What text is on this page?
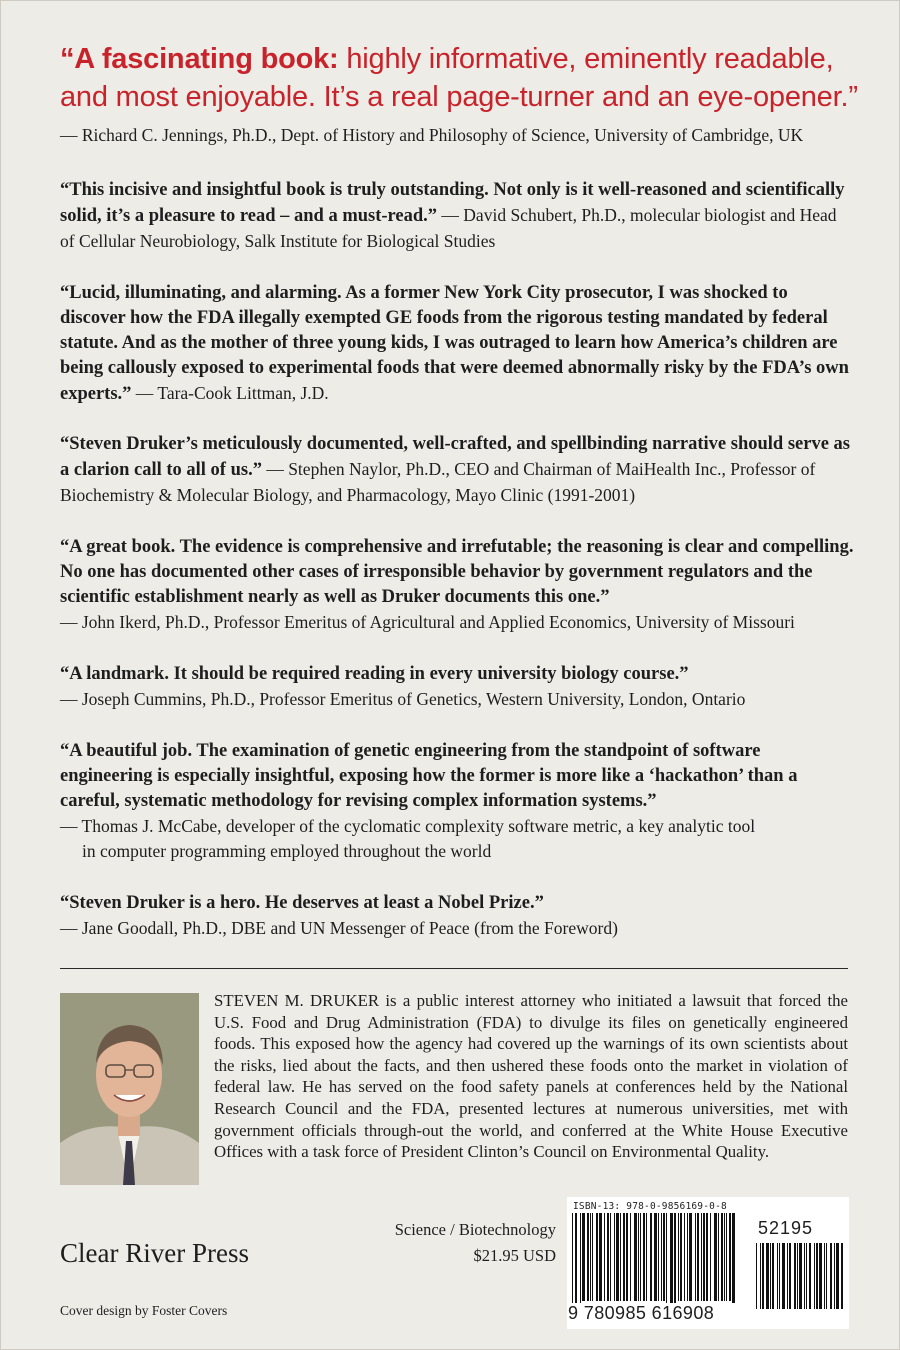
“A fascinating book: highly informative, eminently readable, and most enjoyable. It’s a real page-turner and an eye-opener.”
— Richard C. Jennings, Ph.D., Dept. of History and Philosophy of Science, University of Cambridge, UK
“This incisive and insightful book is truly outstanding. Not only is it well-reasoned and scientifically solid, it’s a pleasure to read – and a must-read.” — David Schubert, Ph.D., molecular biologist and Head of Cellular Neurobiology, Salk Institute for Biological Studies
“Lucid, illuminating, and alarming. As a former New York City prosecutor, I was shocked to discover how the FDA illegally exempted GE foods from the rigorous testing mandated by federal statute. And as the mother of three young kids, I was outraged to learn how America’s children are being callously exposed to experimental foods that were deemed abnormally risky by the FDA’s own experts.” — Tara-Cook Littman, J.D.
“Steven Druker’s meticulously documented, well-crafted, and spellbinding narrative should serve as a clarion call to all of us.” — Stephen Naylor, Ph.D., CEO and Chairman of MaiHealth Inc., Professor of Biochemistry & Molecular Biology, and Pharmacology, Mayo Clinic (1991-2001)
“A great book. The evidence is comprehensive and irrefutable; the reasoning is clear and compelling. No one has documented other cases of irresponsible behavior by government regulators and the scientific establishment nearly as well as Druker documents this one.”
— John Ikerd, Ph.D., Professor Emeritus of Agricultural and Applied Economics, University of Missouri
“A landmark. It should be required reading in every university biology course.”
— Joseph Cummins, Ph.D., Professor Emeritus of Genetics, Western University, London, Ontario
“A beautiful job. The examination of genetic engineering from the standpoint of software engineering is especially insightful, exposing how the former is more like a ‘hackathon’ than a careful, systematic methodology for revising complex information systems.”
— Thomas J. McCabe, developer of the cyclomatic complexity software metric, a key analytic tool
in computer programming employed throughout the world
“Steven Druker is a hero. He deserves at least a Nobel Prize.”
— Jane Goodall, Ph.D., DBE and UN Messenger of Peace (from the Foreword)
STEVEN M. DRUKER is a public interest attorney who initiated a lawsuit that forced the U.S. Food and Drug Administration (FDA) to divulge its files on genetically engineered foods. This exposed how the agency had covered up the warnings of its own scientists about the risks, lied about the facts, and then ushered these foods onto the market in violation of federal law. He has served on the food safety panels at conferences held by the National Research Council and the FDA, presented lectures at numerous universities, met with government officials through-out the world, and conferred at the White House Executive Offices with a task force of President Clinton’s Council on Environmental Quality.
Clear River Press
Science / Biotechnology
$21.95 USD
Cover design by Foster Covers
ISBN-13: 978-0-9856169-0-8
9 780985 616908
52195
